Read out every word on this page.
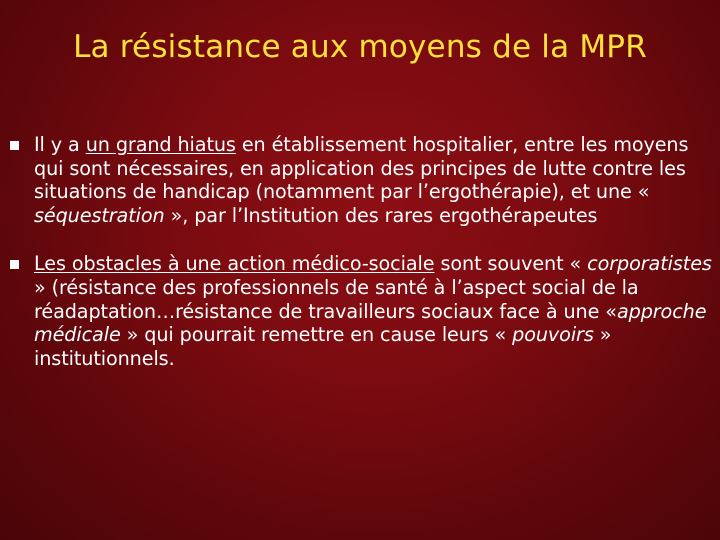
La résistance aux moyens de la MPR
Il y a un grand hiatus en établissement hospitalier, entre les moyens qui sont nécessaires, en application des principes de lutte contre les situations de handicap (notamment par l’ergothérapie), et une « séquestration », par l’Institution des rares ergothérapeutes
Les obstacles à une action médico-sociale sont souvent « corporatistes » (résistance des professionnels de santé à l’aspect social de la réadaptation…résistance de travailleurs sociaux face à une «approche médicale » qui pourrait remettre en cause leurs « pouvoirs » institutionnels.
